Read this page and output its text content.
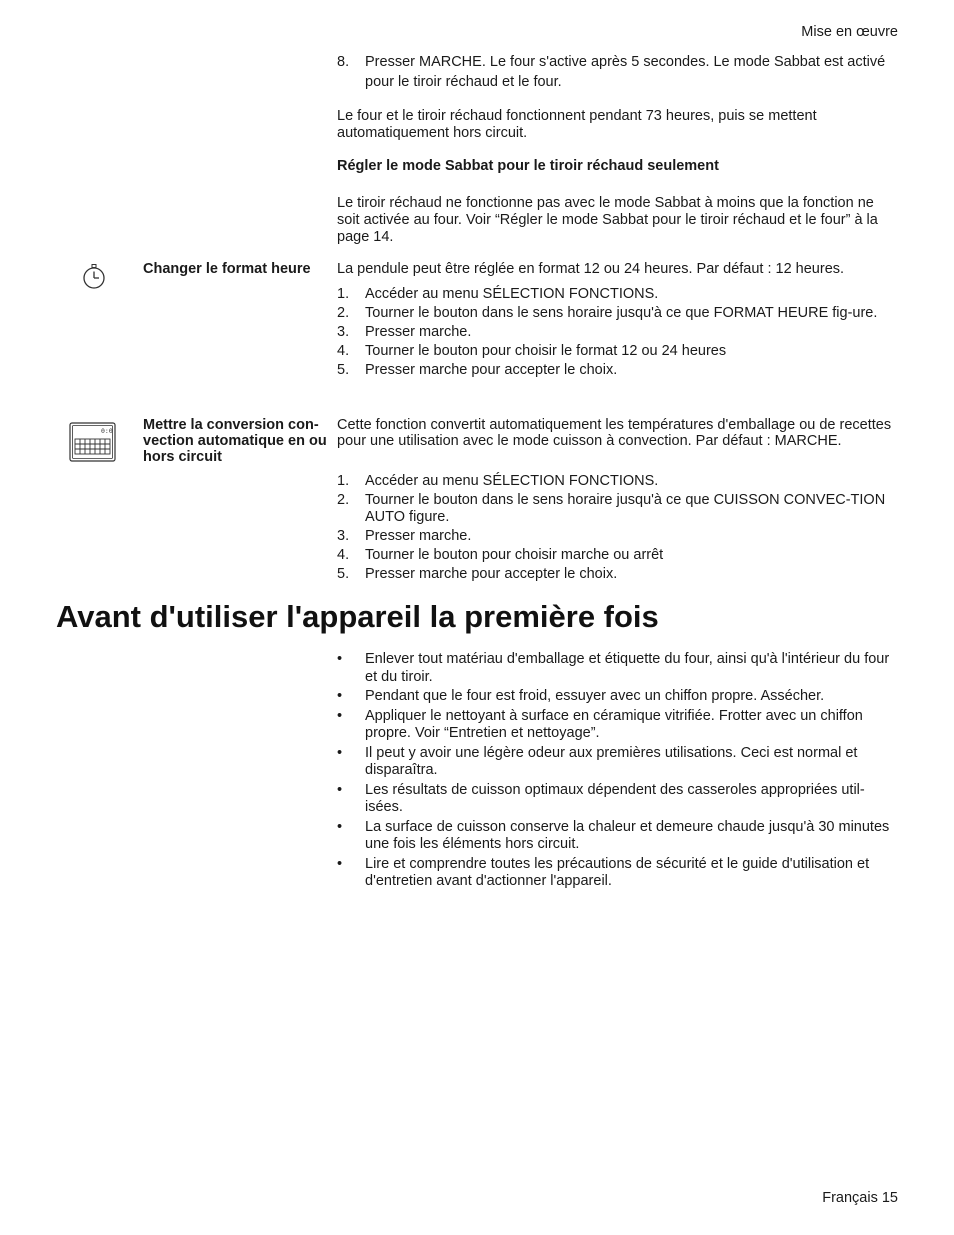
Mise en œuvre
8. Presser MARCHE. Le four s'active après 5 secondes. Le mode Sabbat est activé pour le tiroir réchaud et le four.
Le four et le tiroir réchaud fonctionnent pendant 73 heures, puis se mettent automatiquement hors circuit.
Régler le mode Sabbat pour le tiroir réchaud seulement
Le tiroir réchaud ne fonctionne pas avec le mode Sabbat à moins que la fonction ne soit activée au four. Voir “Régler le mode Sabbat pour le tiroir réchaud et le four” à la page 14.
Changer le format heure	La pendule peut être réglée en format 12 ou 24 heures. Par défaut : 12 heures.
1. Accéder au menu SÉLECTION FONCTIONS.
2. Tourner le bouton dans le sens horaire jusqu'à ce que FORMAT HEURE fig-ure.
3. Presser marche.
4. Tourner le bouton pour choisir le format 12 ou 24 heures
5. Presser marche pour accepter le choix.
0:0 Mettre la conversion con-vection automatique en ou hors circuit
Cette fonction convertit automatiquement les températures d'emballage ou de recettes pour une utilisation avec le mode cuisson à convection. Par défaut : MARCHE.
1. Accéder au menu SÉLECTION FONCTIONS.
2. Tourner le bouton dans le sens horaire jusqu'à ce que CUISSON CONVEC-TION AUTO figure.
3. Presser marche.
4. Tourner le bouton pour choisir marche ou arrêt
5. Presser marche pour accepter le choix.
Avant d'utiliser l'appareil la première fois
• Enlever tout matériau d'emballage et étiquette du four, ainsi qu'à l'intérieur du four et du tiroir.
• Pendant que le four est froid, essuyer avec un chiffon propre. Assécher.
• Appliquer le nettoyant à surface en céramique vitrifiée. Frotter avec un chiffon propre. Voir “Entretien et nettoyage”.
• Il peut y avoir une légère odeur aux premières utilisations. Ceci est normal et disparaîtra.
• Les résultats de cuisson optimaux dépendent des casseroles appropriées util-isées.
• La surface de cuisson conserve la chaleur et demeure chaude jusqu'à 30 minutes une fois les éléments hors circuit.
• Lire et comprendre toutes les précautions de sécurité et le guide d'utilisation et d'entretien avant d'actionner l'appareil.
Français 15
